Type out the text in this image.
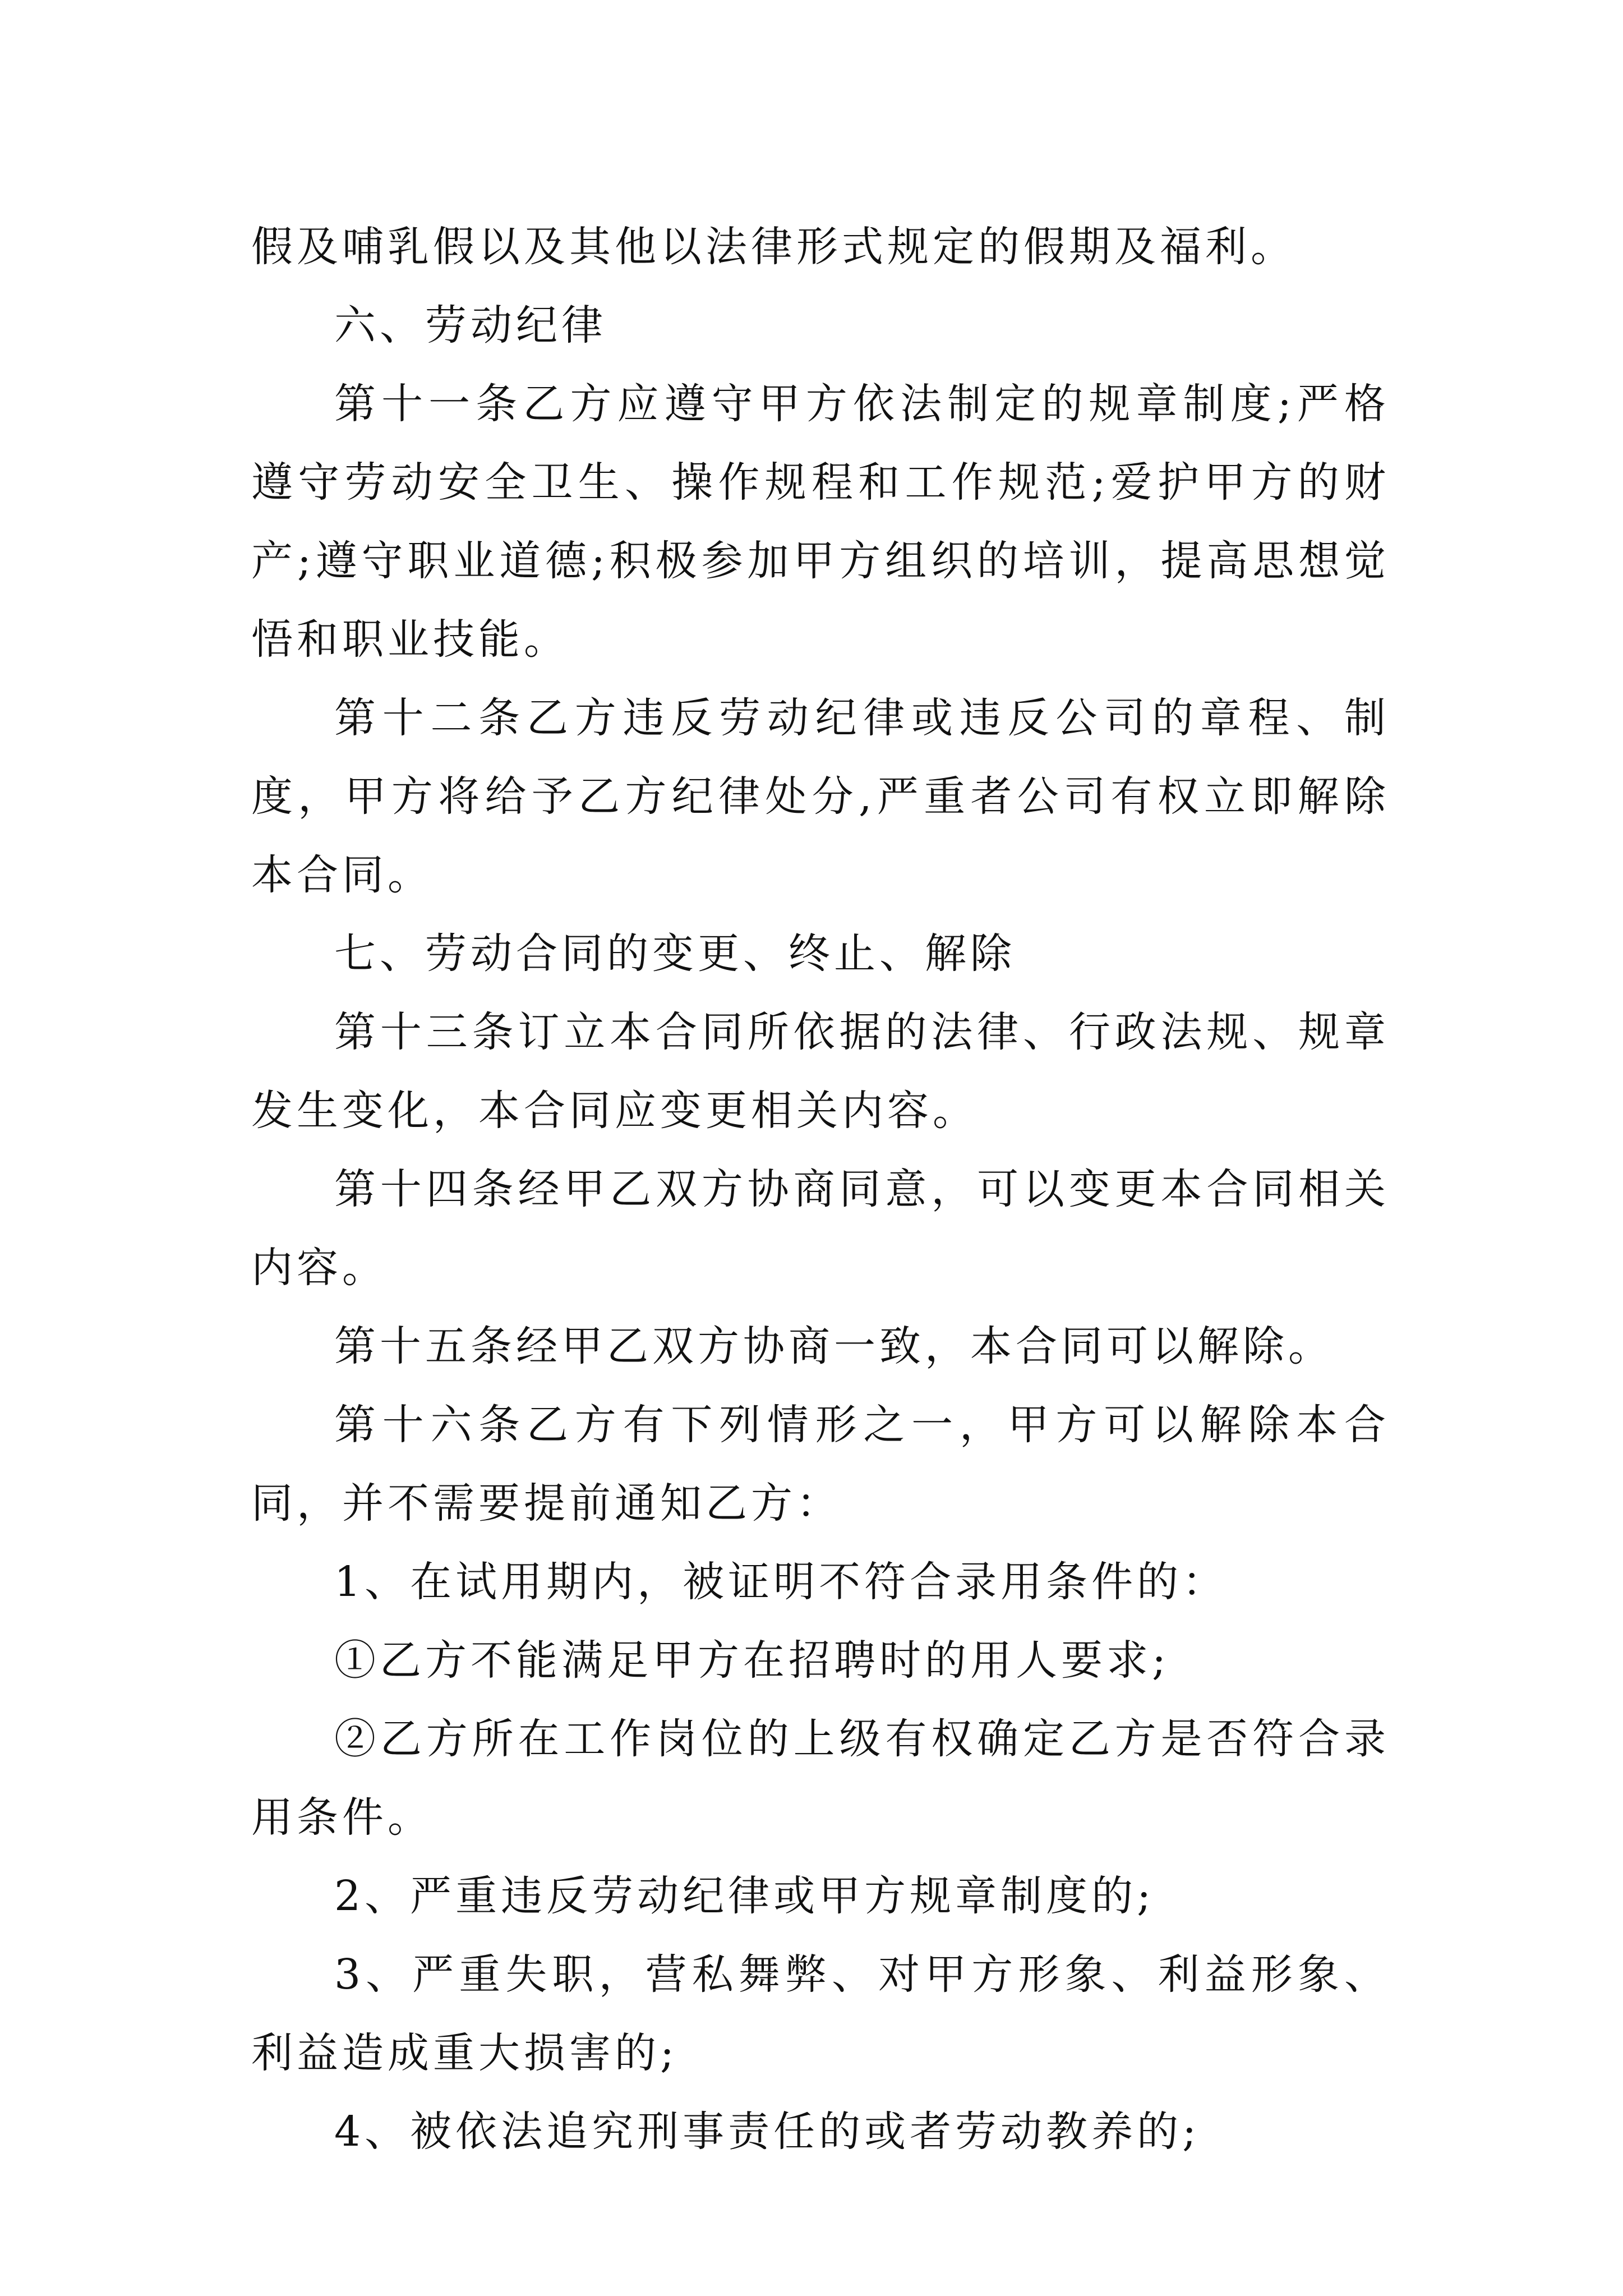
假及哺乳假以及其他以法律形式规定的假期及福利。

六、劳动纪律

第十一条乙方应遵守甲方依法制定的规章制度;严格遵守劳动安全卫生、操作规程和工作规范;爱护甲方的财产;遵守职业道德;积极参加甲方组织的培训，提高思想觉悟和职业技能。

第十二条乙方违反劳动纪律或违反公司的章程、制度，甲方将给予乙方纪律处分,严重者公司有权立即解除本合同。

七、劳动合同的变更、终止、解除

第十三条订立本合同所依据的法律、行政法规、规章发生变化，本合同应变更相关内容。

第十四条经甲乙双方协商同意，可以变更本合同相关内容。

第十五条经甲乙双方协商一致，本合同可以解除。

第十六条乙方有下列情形之一，甲方可以解除本合同，并不需要提前通知乙方：

1、在试用期内，被证明不符合录用条件的：

①乙方不能满足甲方在招聘时的用人要求;

②乙方所在工作岗位的上级有权确定乙方是否符合录用条件。

2、严重违反劳动纪律或甲方规章制度的;

3、严重失职，营私舞弊、对甲方形象、利益形象、利益造成重大损害的;

4、被依法追究刑事责任的或者劳动教养的;
